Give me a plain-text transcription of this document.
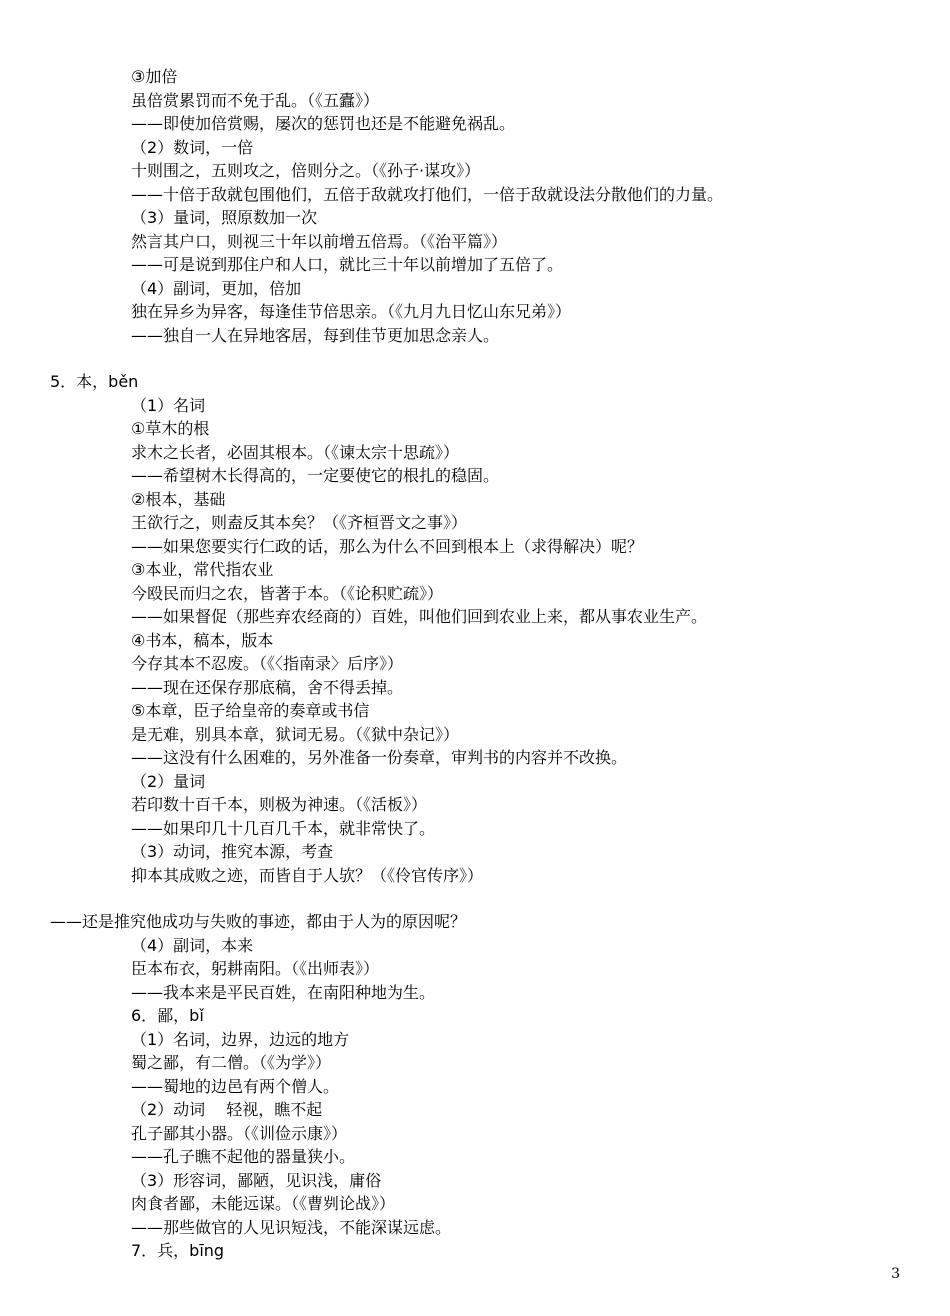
③加倍
虽倍赏累罚而不免于乱。（《五蠹》）
——即使加倍赏赐，屡次的惩罚也还是不能避免祸乱。
（2）数词，一倍
十则围之，五则攻之，倍则分之。（《孙子·谋攻》）
——十倍于敌就包围他们，五倍于敌就攻打他们，一倍于敌就设法分散他们的力量。
（3）量词，照原数加一次
然言其户口，则视三十年以前增五倍焉。（《治平篇》）
——可是说到那住户和人口，就比三十年以前增加了五倍了。
（4）副词，更加，倍加
独在异乡为异客，每逢佳节倍思亲。（《九月九日忆山东兄弟》）
——独自一人在异地客居，每到佳节更加思念亲人。
5．本，běn
（1）名词
①草木的根
求木之长者，必固其根本。（《谏太宗十思疏》）
——希望树木长得高的，一定要使它的根扎的稳固。
②根本，基础
王欲行之，则盍反其本矣？（《齐桓晋文之事》）
——如果您要实行仁政的话，那么为什么不回到根本上（求得解决）呢？
③本业，常代指农业
今殴民而归之农，皆著于本。（《论积贮疏》）
——如果督促（那些弃农经商的）百姓，叫他们回到农业上来，都从事农业生产。
④书本，稿本，版本
今存其本不忍废。（《〈指南录〉后序》）
——现在还保存那底稿，舍不得丢掉。
⑤本章，臣子给皇帝的奏章或书信
是无难，别具本章，狱词无易。（《狱中杂记》）
——这没有什么困难的，另外准备一份奏章，审判书的内容并不改换。
（2）量词
若印数十百千本，则极为神速。（《活板》）
——如果印几十几百几千本，就非常快了。
（3）动词，推究本源，考查
抑本其成败之迹，而皆自于人欤？（《伶官传序》）
——还是推究他成功与失败的事迹，都由于人为的原因呢？
（4）副词，本来
臣本布衣，躬耕南阳。（《出师表》）
——我本来是平民百姓，在南阳种地为生。
6．鄙，bǐ
（1）名词，边界，边远的地方
蜀之鄙，有二僧。（《为学》）
——蜀地的边邑有两个僧人。
（2）动词　 轻视，瞧不起
孔子鄙其小器。（《训俭示康》）
——孔子瞧不起他的器量狭小。
（3）形容词，鄙陋，见识浅，庸俗
肉食者鄙，未能远谋。（《曹刿论战》）
——那些做官的人见识短浅，不能深谋远虑。
7．兵，bīng
3
